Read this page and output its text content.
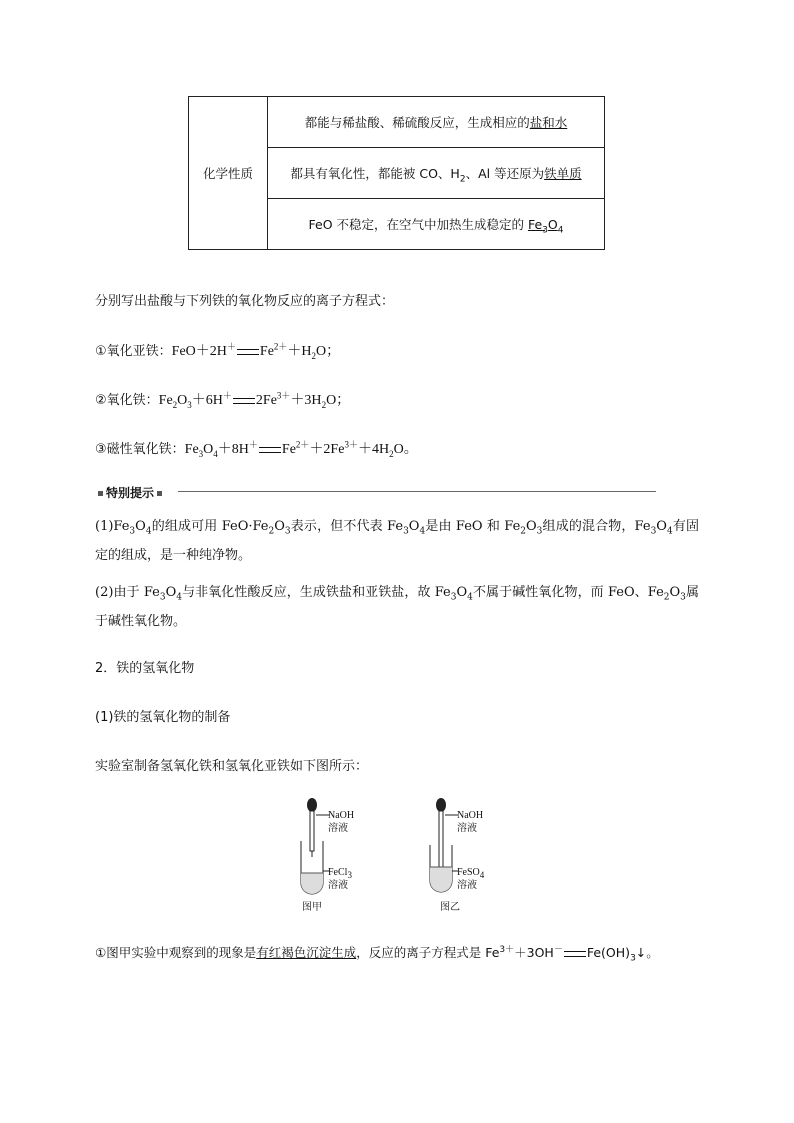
化学性质	都能与稀盐酸、稀硫酸反应，生成相应的盐和水
都具有氧化性，都能被 CO、$H_2$、Al 等还原为铁单质
FeO 不稳定，在空气中加热生成稳定的 $Fe_3O_4$
分别写出盐酸与下列铁的氧化物反应的离子方程式：
①氧化亚铁：FeO＋2H＋ $Fe^{2+}+H_2O$；
②氧化铁：$Fe_2O_3+6H^+$ $2Fe^{3+}+3H_2O$；
③磁性氧化铁：$Fe_3O_4+8H^+$ $Fe^{2+}+2Fe^{3+}+4H_2O$。
特别提示
$(1)Fe_3O_4$的组成可用 $FeO\cdot Fe_2O_3$表示，但不代表 $Fe_3O_4$是由 FeO 和 $Fe_2O_3$组成的混合物，$Fe_3O_4$有固定的组成，是一种纯净物。
(2)由于 $Fe_3O_4$与非氧化性酸反应，生成铁盐和亚铁盐，故 $Fe_3O_4$不属于碱性氧化物，而 FeO、$Fe_2O_3$属于碱性氧化物。
2．铁的氢氧化物
(1)铁的氢氧化物的制备
实验室制备氢氧化铁和氢氧化亚铁如下图所示：
NaOH
溶液
FeCl$_3$
溶液
NaOH
溶液
FeSO$_4$
溶液
图甲	图乙
①图甲实验中观察到的现象是有红褐色沉淀生成，反应的离子方程式是 $Fe^{3+}+3OH^-$ $Fe(OH)_3↓$。
